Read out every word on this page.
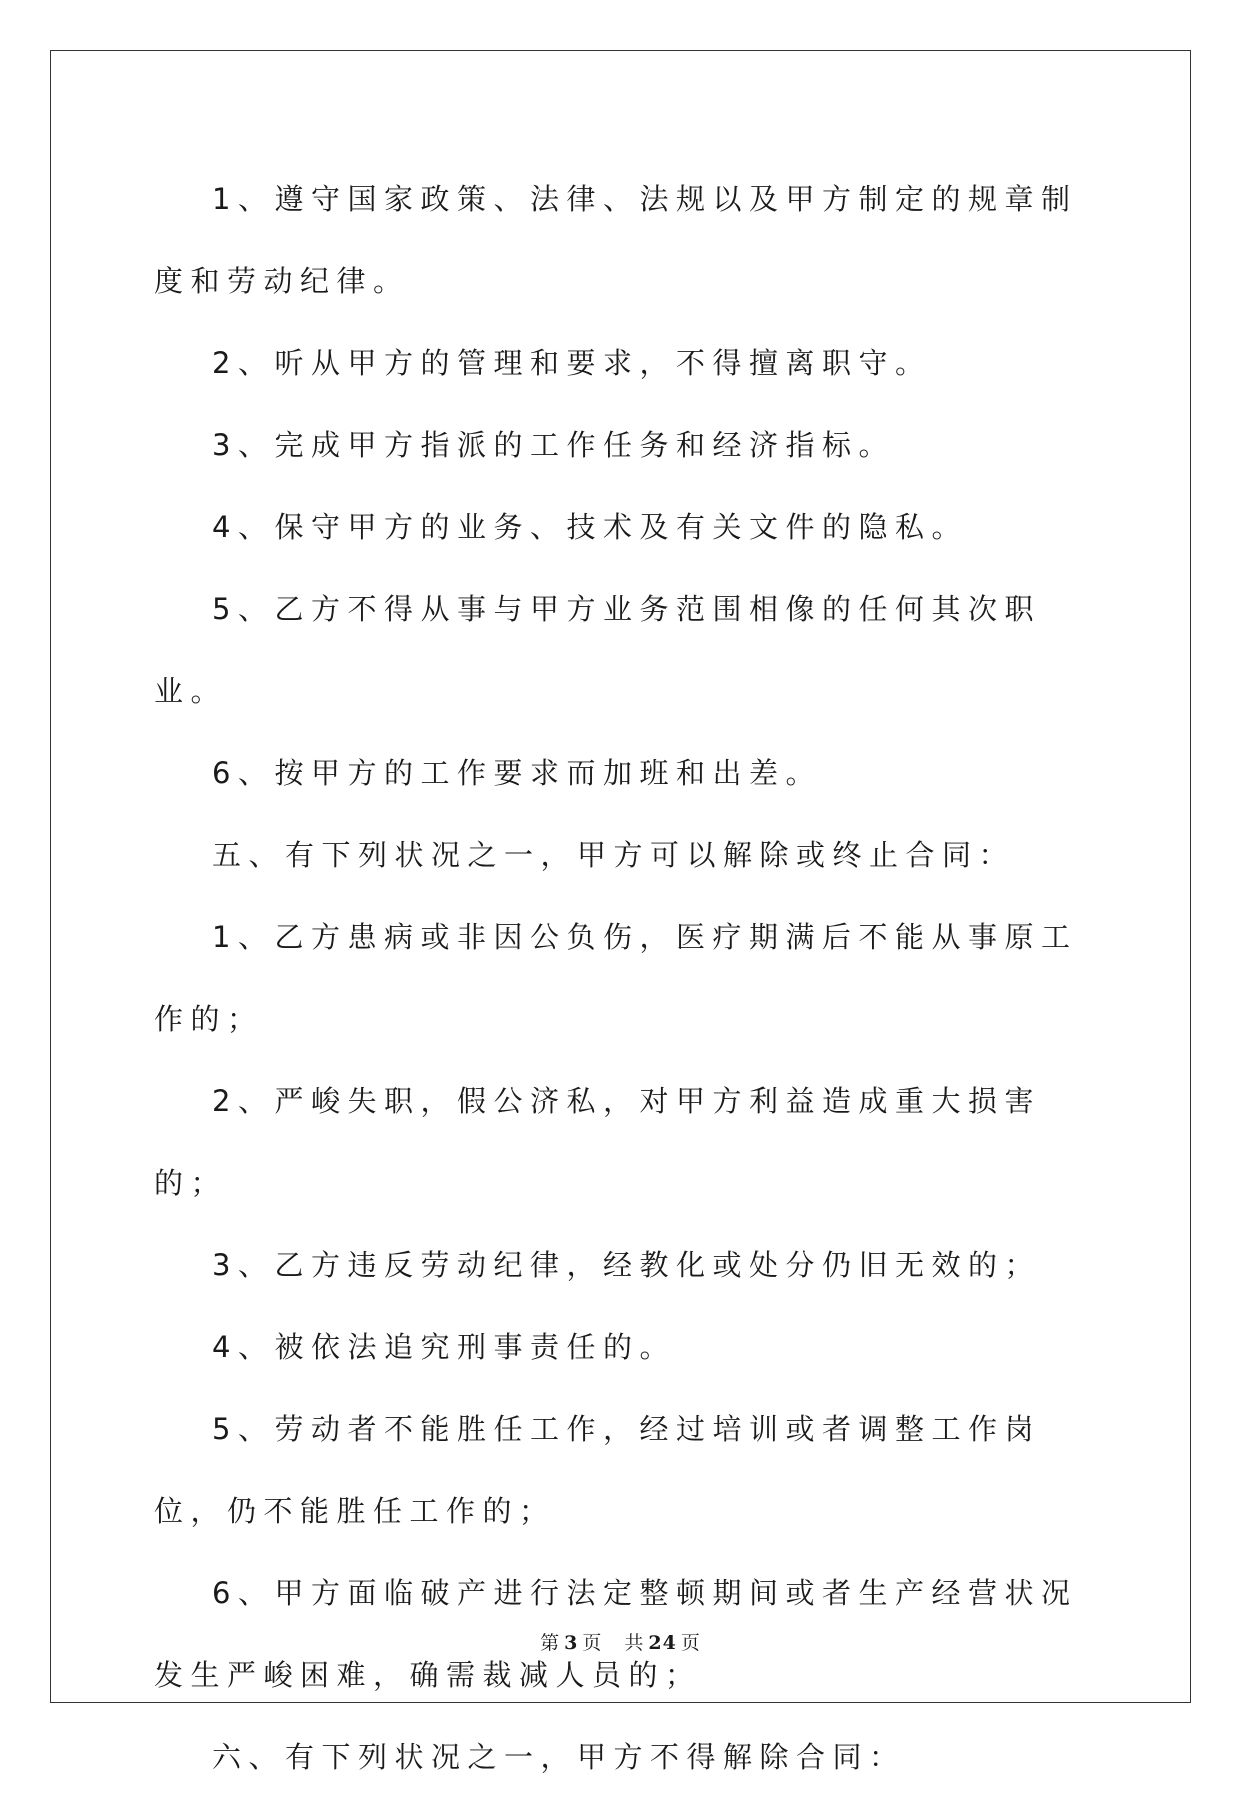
1、遵守国家政策、法律、法规以及甲方制定的规章制度和劳动纪律。

2、听从甲方的管理和要求，不得擅离职守。

3、完成甲方指派的工作任务和经济指标。

4、保守甲方的业务、技术及有关文件的隐私。

5、乙方不得从事与甲方业务范围相像的任何其次职业。

6、按甲方的工作要求而加班和出差。

五、有下列状况之一，甲方可以解除或终止合同：

1、乙方患病或非因公负伤，医疗期满后不能从事原工作的；

2、严峻失职，假公济私，对甲方利益造成重大损害的；

3、乙方违反劳动纪律，经教化或处分仍旧无效的；

4、被依法追究刑事责任的。

5、劳动者不能胜任工作，经过培训或者调整工作岗位，仍不能胜任工作的；

6、甲方面临破产进行法定整顿期间或者生产经营状况发生严峻困难，确需裁减人员的；

六、有下列状况之一，甲方不得解除合同：

第 3 页 共 24 页
